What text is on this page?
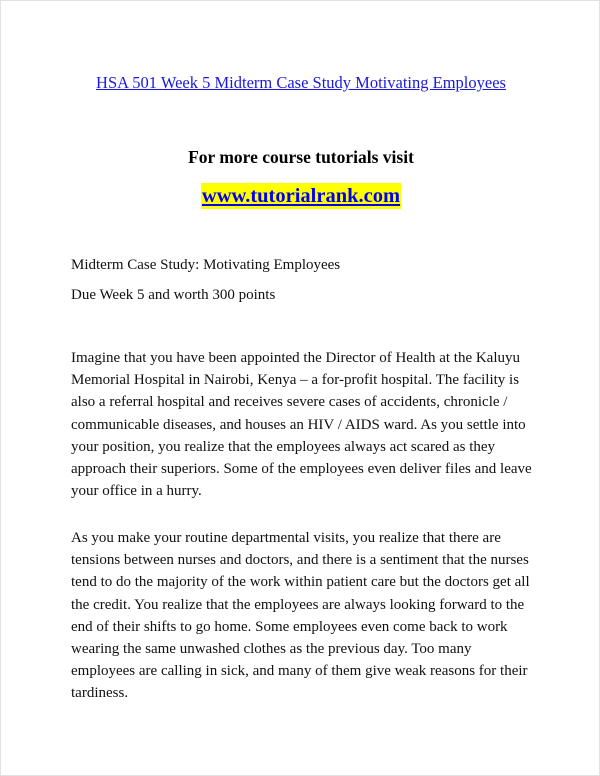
HSA 501 Week 5 Midterm Case Study Motivating Employees
For more course tutorials visit
www.tutorialrank.com
Midterm Case Study: Motivating Employees
Due Week 5 and worth 300 points

Imagine that you have been appointed the Director of Health at the Kaluyu Memorial Hospital in Nairobi, Kenya – a for-profit hospital. The facility is also a referral hospital and receives severe cases of accidents, chronicle / communicable diseases, and houses an HIV / AIDS ward. As you settle into your position, you realize that the employees always act scared as they approach their superiors. Some of the employees even deliver files and leave your office in a hurry.

As you make your routine departmental visits, you realize that there are tensions between nurses and doctors, and there is a sentiment that the nurses tend to do the majority of the work within patient care but the doctors get all the credit. You realize that the employees are always looking forward to the end of their shifts to go home. Some employees even come back to work wearing the same unwashed clothes as the previous day. Too many employees are calling in sick, and many of them give weak reasons for their tardiness.
